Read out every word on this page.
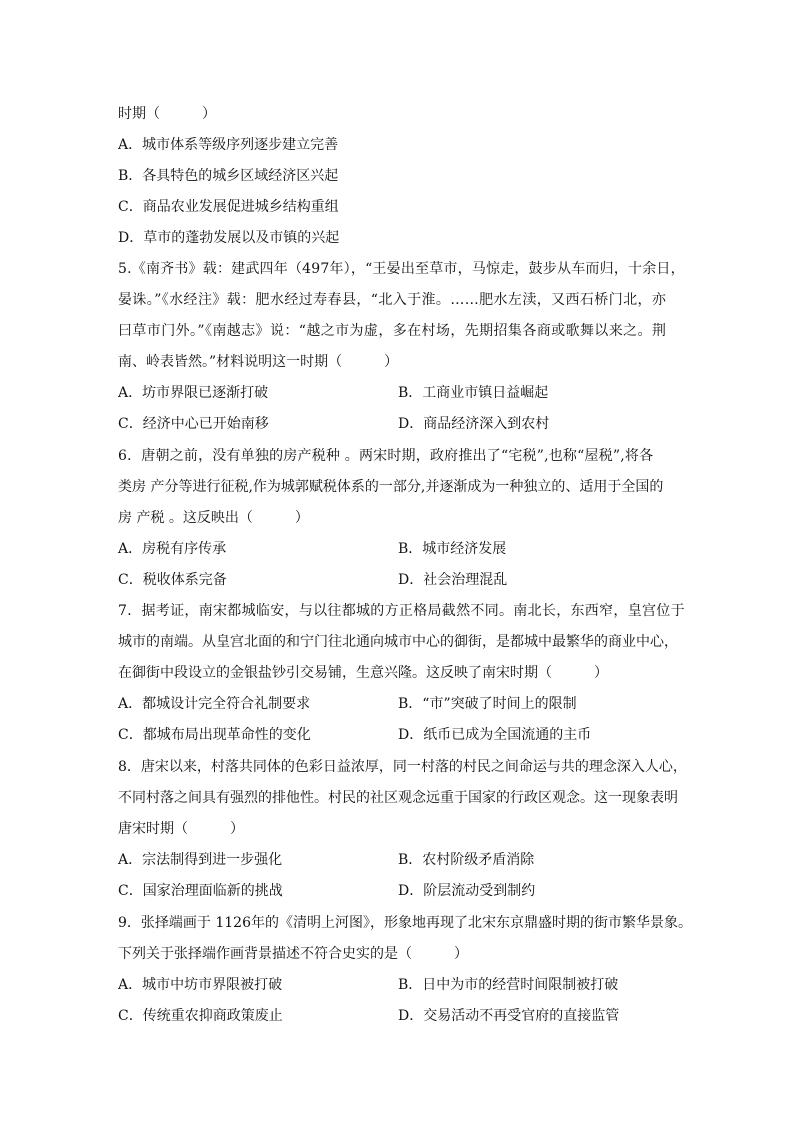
时期（　　　）
A．城市体系等级序列逐步建立完善
B．各具特色的城乡区域经济区兴起
C．商品农业发展促进城乡结构重组
D．草市的蓬勃发展以及市镇的兴起
5.《南齐书》载：建武四年（497年），“王晏出至草市，马惊走，鼓步从车而归，十余日，
晏诛。”《水经注》载：肥水经过寿春县，“北入于淮。……肥水左渎，又西石桥门北，亦
曰草市门外。”《南越志》说：“越之市为虚，多在村场，先期招集各商或歌舞以来之。荆
南、岭表皆然。”材料说明这一时期（　　　）
A．坊市界限已逐渐打破	B．工商业市镇日益崛起
C．经济中心已开始南移	D．商品经济深入到农村
6．唐朝之前，没有单独的房产税种 。两宋时期，政府推出了“宅税”,也称“屋税”,将各
类房 产分等进行征税,作为城郭赋税体系的一部分,并逐渐成为一种独立的、适用于全国的
房 产税 。这反映出（　　　）
A．房税有序传承	B．城市经济发展
C．税收体系完备	D．社会治理混乱
7．据考证，南宋都城临安，与以往都城的方正格局截然不同。南北长，东西窄，皇宫位于
城市的南端。从皇宫北面的和宁门往北通向城市中心的御街，是都城中最繁华的商业中心，
在御街中段设立的金银盐钞引交易铺，生意兴隆。这反映了南宋时期（　　　）
A．都城设计完全符合礼制要求	B．“市”突破了时间上的限制
C．都城布局出现革命性的变化	D．纸币已成为全国流通的主币
8．唐宋以来，村落共同体的色彩日益浓厚，同一村落的村民之间命运与共的理念深入人心，
不同村落之间具有强烈的排他性。村民的社区观念远重于国家的行政区观念。这一现象表明
唐宋时期（　　　）
A．宗法制得到进一步强化	B．农村阶级矛盾消除
C．国家治理面临新的挑战	D．阶层流动受到制约
9．张择端画于 1126年的《清明上河图》，形象地再现了北宋东京鼎盛时期的街市繁华景象。
下列关于张择端作画背景描述不符合史实的是（　　　）
A．城市中坊市界限被打破	B．日中为市的经营时间限制被打破
C．传统重农抑商政策废止	D．交易活动不再受官府的直接监管
